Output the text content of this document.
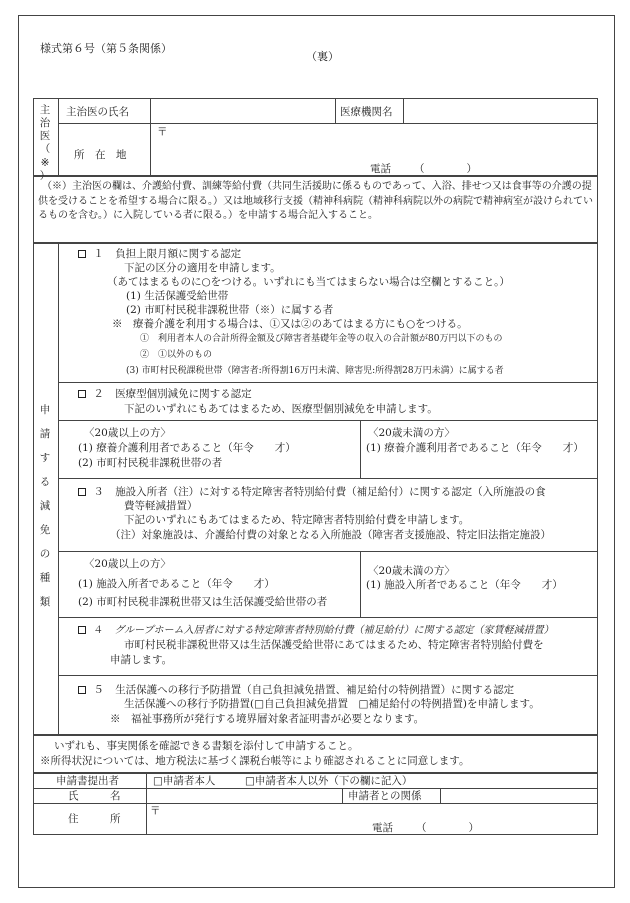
様式第６号（第５条関係）
（裏）
主
治
医
（
※
）
主治医の氏名	医療機関名
所　在　地
〒
電話 （　　　　）
（※）主治医の欄は、介護給付費、訓練等給付費（共同生活援助に係るものであって、入浴、排せつ又は食事等の介護の提供を受けることを希望する場合に限る。）又は地域移行支援（精神科病院（精神科病院以外の病院で精神病室が設けられているものを含む。）に入院している者に限る。）を申請する場合記入すること。
申
請
す
る
減
免
の
種
類
１ 負担上限月額に関する認定
下記の区分の適用を申請します。
（あてはまるものに○をつける。いずれにも当てはまらない場合は空欄とすること。）
(1) 生活保護受給世帯
(2) 市町村民税非課税世帯（※）に属する者
※　療養介護を利用する場合は、①又は②のあてはまる方にも○をつける。
①　利用者本人の合計所得金額及び障害者基礎年金等の収入の合計額が80万円以下のもの
②　①以外のもの
(3) 市町村民税課税世帯（障害者:所得割16万円未満、障害児:所得割28万円未満）に属する者
２ 医療型個別減免に関する認定
下記のいずれにもあてはまるため、医療型個別減免を申請します。
〈20歳以上の方〉
(1) 療養介護利用者であること（年令　　才）
(2) 市町村民税非課税世帯の者
〈20歳未満の方〉
(1) 療養介護利用者であること（年令　　才）
３ 施設入所者（注）に対する特定障害者特別給付費（補足給付）に関する認定（入所施設の食
費等軽減措置）
下記のいずれにもあてはまるため、特定障害者特別給付費を申請します。
（注）対象施設は、介護給付費の対象となる入所施設（障害者支援施設、特定旧法指定施設）
〈20歳以上の方〉
(1) 施設入所者であること（年令　　才）
(2) 市町村民税非課税世帯又は生活保護受給世帯の者
〈20歳未満の方〉
(1) 施設入所者であること（年令　　才）
４ グループホーム入居者に対する特定障害者特別給付費（補足給付）に関する認定（家賃軽減措置）
市町村民税非課税世帯又は生活保護受給世帯にあてはまるため、特定障害者特別給付費を
申請します。
５ 生活保護への移行予防措置（自己負担減免措置、補足給付の特例措置）に関する認定
生活保護への移行予防措置(□自己負担減免措置　□補足給付の特例措置)を申請します。
※　福祉事務所が発行する境界層対象者証明書が必要となります。
いずれも、事実関係を確認できる書類を添付して申請すること。
※所得状況については、地方税法に基づく課税台帳等により確認されることに同意します。
申請書提出者	□申請者本人	□申請者本人以外（下の欄に記入）
氏　　　名	申請者との関係
住　　　所
〒
電話 （　　　　）
